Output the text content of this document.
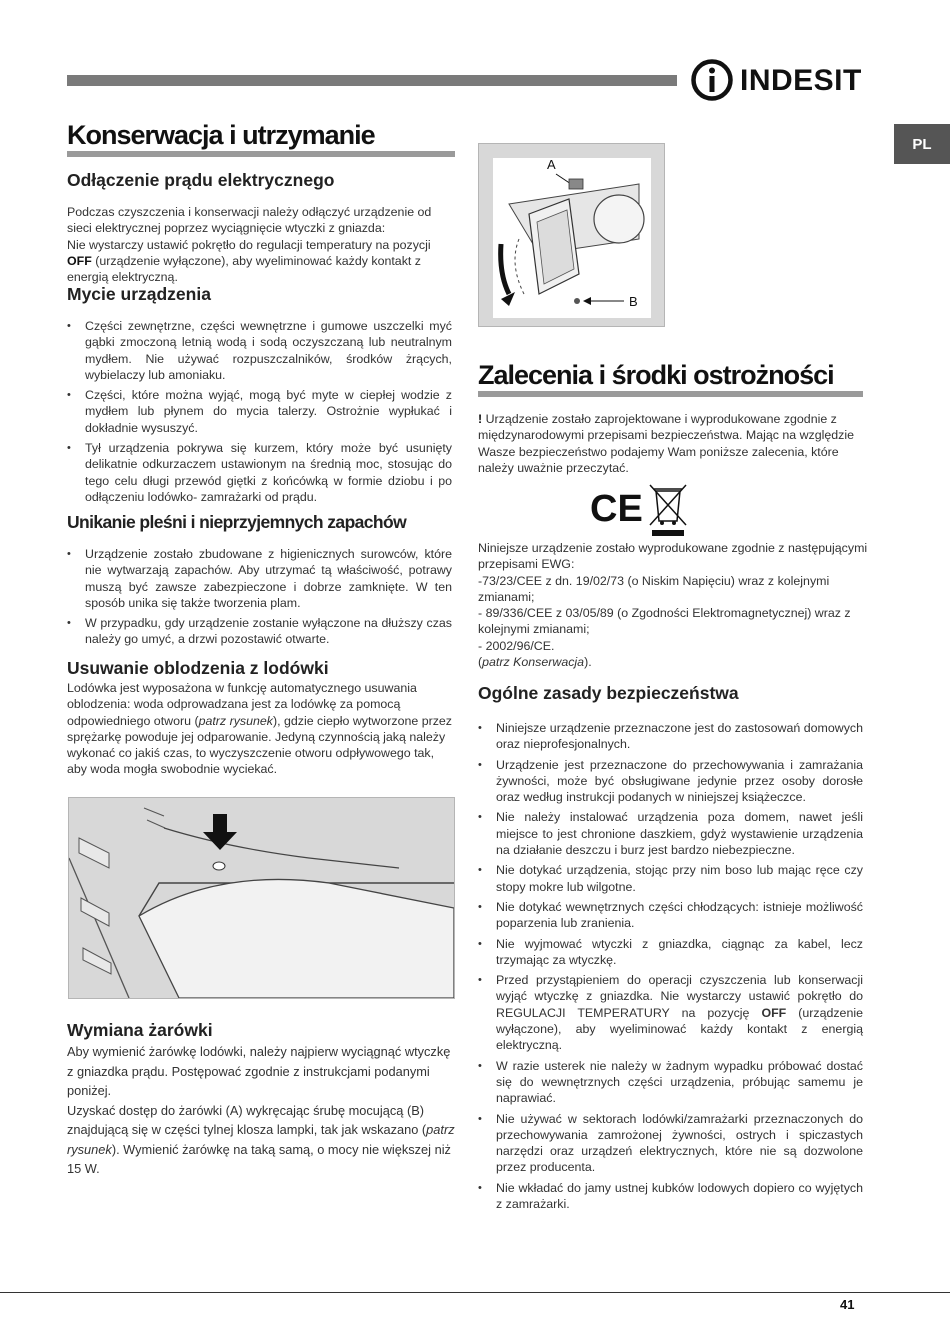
INDESIT
PL
Konserwacja i utrzymanie
Odłączenie prądu elektrycznego

Podczas czyszczenia i konserwacji należy odłączyć urządzenie od sieci elektrycznej poprzez wyciągnięcie wtyczki z gniazda:
Nie wystarczy ustawić pokrętło do regulacji temperatury na pozycji OFF (urządzenie wyłączone), aby wyeliminować każdy kontakt z energią elektryczną.

Mycie urządzenia
• Części zewnętrzne, części wewnętrzne i gumowe uszczelki myć gąbki zmoczoną letnią wodą i sodą oczyszczaną lub neutralnym mydłem. Nie używać rozpuszczalników, środków żrących, wybielaczy lub amoniaku.
• Części, które można wyjąć, mogą być myte w ciepłej wodzie z mydłem lub płynem do mycia talerzy. Ostrożnie wypłukać i dokładnie wysuszyć.
• Tył urządzenia pokrywa się kurzem, który może być usunięty delikatnie odkurzaczem ustawionym na średnią moc, stosując do tego celu długi przewód giętki z końcówką w formie dziobu i po odłączeniu lodówko- zamrażarki od prądu.
Unikanie pleśni i nieprzyjemnych zapachów
• Urządzenie zostało zbudowane z higienicznych surowców, które nie wytwarzają zapachów. Aby utrzymać tą właściwość, potrawy muszą być zawsze zabezpieczone i dobrze zamknięte. W ten sposób unika się także tworzenia plam.
• W przypadku, gdy urządzenie zostanie wyłączone na dłuższy czas należy go umyć, a drzwi pozostawić otwarte.
Usuwanie oblodzenia z lodówki

Lodówka jest wyposażona w funkcję automatycznego usuwania oblodzenia: woda odprowadzana jest za lodówkę za pomocą odpowiedniego otworu (patrz rysunek), gdzie ciepło wytworzone przez sprężarkę powoduje jej odparowanie. Jedyną czynnością jaką należy wykonać co jakiś czas, to wyczyszczenie otworu odpływowego tak, aby woda mogła swobodnie wyciekać.

Wymiana żarówki

Aby wymienić żarówkę lodówki, należy najpierw wyciągnąć wtyczkę z gniazdka prądu. Postępować zgodnie z instrukcjami podanymi poniżej.
Uzyskać dostęp do żarówki (A) wykręcając śrubę mocującą (B) znajdującą się w części tylnej klosza lampki, tak jak wskazano (patrz rysunek). Wymienić żarówkę na taką samą, o mocy nie większej niż 15 W.

A
B
Zalecenia i środki ostrożności

! Urządzenie zostało zaprojektowane i wyprodukowane zgodnie z międzynarodowymi przepisami bezpieczeństwa. Mając na względzie Wasze bezpieczeństwo podajemy Wam poniższe zalecenia, które należy uważnie przeczytać.

CE

Niniejsze urządzenie zostało wyprodukowane zgodnie z następującymi przepisami EWG:
-73/23/CEE z dn. 19/02/73 (o Niskim Napięciu) wraz z kolejnymi zmianami;
- 89/336/CEE z 03/05/89 (o Zgodności Elektromagnetycznej) wraz z kolejnymi zmianami;
- 2002/96/CE.
(patrz Konserwacja).

Ogólne zasady bezpieczeństwa
• Niniejsze urządzenie przeznaczone jest do zastosowań domowych oraz nieprofesjonalnych.
• Urządzenie jest przeznaczone do przechowywania i zamrażania żywności, może być obsługiwane jedynie przez osoby dorosłe oraz według instrukcji podanych w niniejszej książeczce.
• Nie należy instalować urządzenia poza domem, nawet jeśli miejsce to jest chronione daszkiem, gdyż wystawienie urządzenia na działanie deszczu i burz jest bardzo niebezpieczne.
• Nie dotykać urządzenia, stojąc przy nim boso lub mając ręce czy stopy mokre lub wilgotne.
• Nie dotykać wewnętrznych części chłodzących: istnieje możliwość poparzenia lub zranienia.
• Nie wyjmować wtyczki z gniazdka, ciągnąc za kabel, lecz trzymając za wtyczkę.
• Przed przystąpieniem do operacji czyszczenia lub konserwacji wyjąć wtyczkę z gniazdka. Nie wystarczy ustawić pokrętło do REGULACJI TEMPERATURY na pozycję OFF (urządzenie wyłączone), aby wyeliminować każdy kontakt z energią elektryczną.
• W razie usterek nie należy w żadnym wypadku próbować dostać się do wewnętrznych części urządzenia, próbując samemu je naprawiać.
• Nie używać w sektorach lodówki/zamrażarki przeznaczonych do przechowywania zamrożonej żywności, ostrych i spiczastych narzędzi oraz urządzeń elektrycznych, które nie są dozwolone przez producenta.
• Nie wkładać do jamy ustnej kubków lodowych dopiero co wyjętych z zamrażarki.
41
